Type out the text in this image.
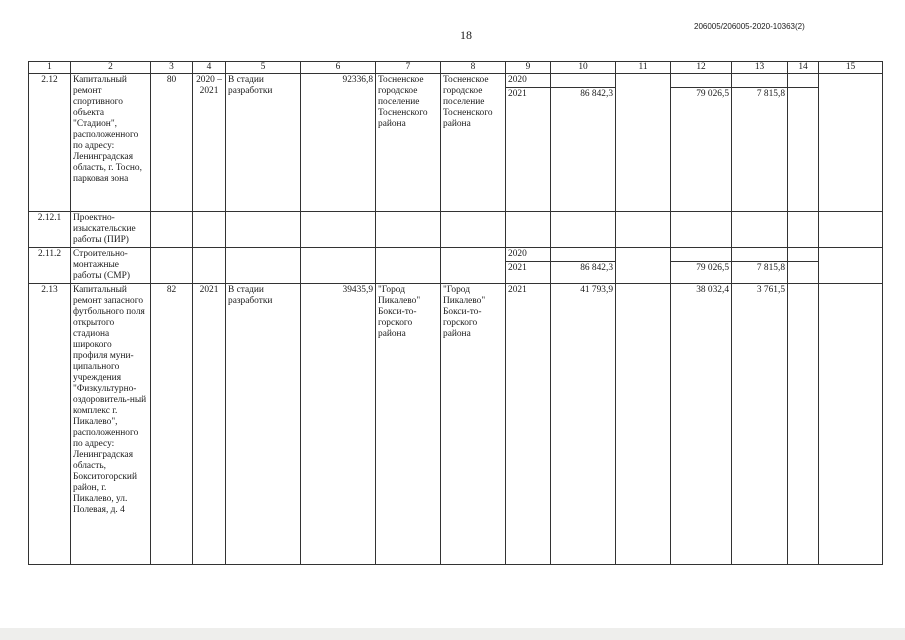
18
206005/206005-2020-10363(2)
1	2	3	4	5	6	7	8	9	10	11	12	13	14	15
2.12	Капитальный ремонт спортивного объекта "Стадион", расположенного по адресу: Ленинградская область, г. Тосно, парковая зона	80	2020 – 2021	В стадии разработки	92336,8	Тосненское городское поселение Тосненского района	Тосненское городское поселение Тосненского района	2020						
								2021	86 842,3		79 026,5	7 815,8		
2.12.1	Проектно-изыскательские работы (ПИР)													
2.11.2	Строительно-монтажные работы (СМР)							2020						
								2021	86 842,3		79 026,5	7 815,8		
2.13	Капитальный ремонт запасного футбольного поля открытого стадиона широкого профиля муни-ципального учреждения "Физкультурно-оздоровитель-ный комплекс г. Пикалево", расположенного по адресу: Ленинградская область, Бокситогорский район, г. Пикалево, ул. Полевая, д. 4	82	2021	В стадии разработки	39435,9	"Город Пикалево" Бокси-то-горского района	"Город Пикалево" Бокси-то-горского района	2021	41 793,9		38 032,4	3 761,5		
